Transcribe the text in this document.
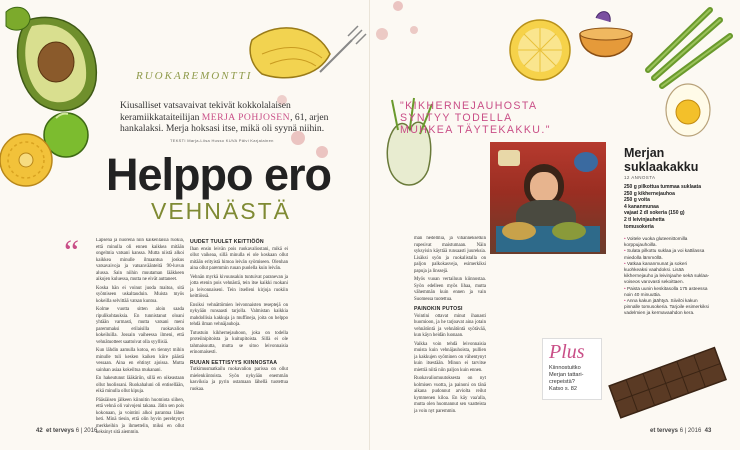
RUOKAREMONTTI
Kiusalliset vatsavaivat tekivät kokkolalaisen keramiikkataiteilijan MERJA POHJOSEN, 61, arjen hankalaksi. Merja hoksasi itse, mikä oli syynä niihin.
TEKSTI Marja-Liisa Husso KUVA Päivi Karjalainen
Helppo ero
VEHNÄSTÄ
“	Lapsena ja nuorena niin kaikenlaisia ruokia, että minulla oli ennen kaikkea mitään ongelmia vatsani kanssa. Mutta niistä alkoi kaikkea minulle ilmaantua joskus vatsavaivoja ja vatsanväänteitä 90-luvun alussa. Sain niihin muutaman lääkkeen aikojen kuluessa, mutta ne eivät auttaneet.

Koska hän ei voinut juoda maitoa, sitä syömiseen uskaltauduin. Muista myös kokeilla selvittää vatsan kuntoa.

Kolme vuotta sitten aloin saada ripulikohtauksia. En tunnistanut oloani yhtään varmasti, mutta vatsani meni paremmaksi erilaisilla ruokavalion kokeiluilla. Jossain vaiheessa ilmeni, että vehnätuotteet saattoivat olla syyllisiä.

Kun lähdin aamulla kotoa, en tiennyt mihin minulle tuli kesken kaiken kiire päästä vessaan. Aina en ehtinyt ajoissa. Mutta sainhan asiaa kokeiltua mukanani.

En hakeutunut lääkäriin, sillä en oikeastaan ollut huolissani. Ruokahaluni oli entisellään, eikä minulla ollut kipuja.

Pääsiäisen jälkeen kiinnitin huomiota siihen, että vehnä oli vaivojeni takana. Jätin sen pois kokonaan, ja vointini alkoi parantua lähes heti. Minä tiesin, että olin hyvin perehtynyt merkkeihin ja ihmettelin, miksi en ollut keksinyt sitä aiemmin.

UUDET TUULET KEITTIÖÖN

Ihan ensin leivän pois ruokavaliostani, mikä ei ollut vaikeaa, sillä minulla ei ole koskaan ollut mitään erityistä himoa leivän syömiseen. Olenhan aina ollut paremmin ruuan puolella kuin leivän.

Vehnän myrkä kivuunsakin tuntuivat paranevan ja jotta etenin pois vehnästä, tein itse kaikki ruokani ja leivonnaiseni. Tein itselleni kirjoja ruokiin keittiössä.

Ensiksi vehnättömien leivonnaisten reseptejä on nykyään runsaasti tarjolla. Valmistan kaikkia mahdollisia kakkuja ja muffineja, joita on helppo tehdä ilman vehnäjauhoja.

Tutustuin kikhernejauhoon, joka on todella proteiinipitoista ja kuitupitoista. Sillä ei ole tahmaisuutta, mutta se sitoo leivonnaisia erinomaisesti.

RUUAN EETTISYYS KIINNOSTAA

Tutkimusmatkailu ruokavalion parissa on ollut mielenkiintoista. Syön nykyään enemmän kasviksia ja pyrin ostamaan lähellä tuotettua ruokaa.

42 et terveys 6 | 2016
"KIKHERNEJAUHOSTA SYNTYY TODELLA MUHKEA TÄYTEKAKKU."
Merjan
suklaakakku
12 ANNOSTA
250 g pilkottua tummaa suklaata
250 g kikhernejauhoa
250 g voita
4 kananmunaa
vajaat 2 dl sokeria (150 g)
2 tl leivinjauhetta
tomusokeria
• Voitele vuoka gluteenittomilla korppujauhoilla.
• Sulata pilkottu suklaa ja voi kattilassa miedolla lämmöllä.
• Vatkaa kananmunat ja sokeri kuohkeaksi vaahdoksi. Lisää kikhernejauho ja leivinjauhe sekä suklaa-voiseos varovasti sekoittaen.
• Paista uunin keskitasolla 175 asteessa noin 40 minuuttia.
• Anna kakun jäähtyä. Siivilöi kakun pinnalle tomusokeria. Tarjoile esimerkiksi vadelmien ja kermavaahdon kera.

mán hedelmiä, ja vihanneksetkin rupesivat maistumaan. Näin syksyisin käyttää runsaasti juureksia. Lisäksi syön ja ruokalistalla on paljon palkokasveja, esimerkiksi papuja ja linssejä.

Myös vuoan vertailuun kiinnostaa. Syön edelleen myös lihaa, mutta vähemmän kuin ennen ja vain Suomessa tuotettua.

PAINOKIN PUTOSI

Vointini ottavat minut ihanasti huomioon, ja he tarjoavat aina jotain vehnätöntä ja vehnätöntä syötävää, kun käyn heidän luonaan.

Vaikka voin tehdä leivonnaisia muista kuin vehnäjauhoista, pullien ja kakkujen syöminen on vähentynyt kuin itsestään. Minun ei tarvitse miettiä niitä niin paljon kuin ennen.

Ruokavaliomuutoksesta on nyt kolmisen vuotta, ja painoni on tänä aikana pudonnut arviolta reilut kymmenen kiloa. En käy vaa'alla, mutta olen huomannut sen vaatteista ja voin nyt paremmin.

Plus
Kiinnostuitko
Merjan tattari-
crepeistä?
Katso s. 82
et terveys 6 | 2016 43
